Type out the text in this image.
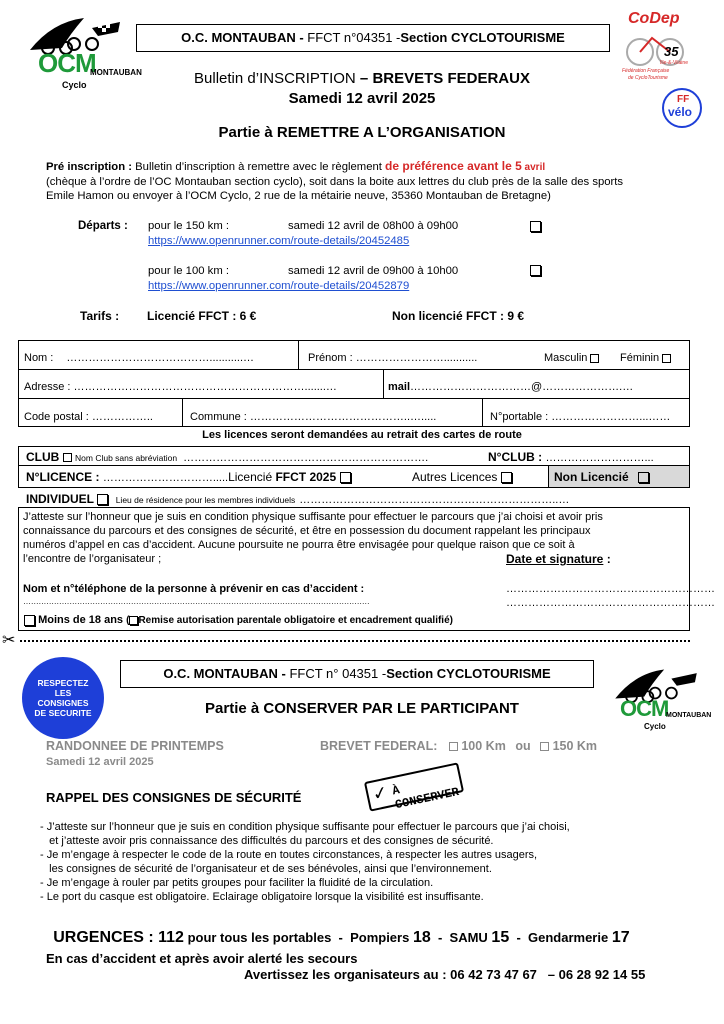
OCM
MONTAUBAN
Cyclo
CoDep
35
Ille-&-Vilaine
Fédération Française
de CycloTourisme
FF
vélo
O.C. MONTAUBAN - FFCT n°04351 -Section CYCLOTOURISME
Bulletin d’INSCRIPTION – BREVETS FEDERAUX
Samedi 12 avril 2025
Partie à REMETTRE A L’ORGANISATION
Pré inscription : Bulletin d’inscription à remettre avec le règlement de préférence avant le 5 avril
(chèque à l’ordre de l’OC Montauban section cyclo), soit dans la boite aux lettres du club près de la salle des sports
Emile Hamon ou envoyer à l’OCM Cyclo, 2 rue de la métairie neuve, 35360 Montauban de Bretagne)
Départs : pour le 150 km :	samedi 12 avril de 08h00 à 09h00
https://www.openrunner.com/route-details/20452485
pour le 100 km :	samedi 12 avril de 09h00 à 10h00
https://www.openrunner.com/route-details/20452879
Tarifs : Licencié FFCT : 6 €	Non licencié FFCT : 9 €
Nom : …………………………………...........…	Prénom : ……………………...........	Masculin	Féminin
Adresse : ……………………………………………………….......…	mail……………………………@………………….…
Code postal : ……………..	Commune : ……………………………………..….....	N°portable : ……………………...……
Les licences seront demandées au retrait des cartes de route
CLUB Nom Club sans abréviation ………………………………………………………….	N°CLUB : ………………………...
N°LICENCE : ………………………….....Licencié FFCT 2025	Autres Licences	Non Licencié
INDIVIDUEL	Lieu de résidence pour les membres individuels ……………………………………………………………..…
J’atteste sur l’honneur que je suis en condition physique suffisante pour effectuer le parcours que j’ai choisi et avoir pris
connaissance du parcours et des consignes de sécurité, et être en possession du document rappelant les principaux
numéros d’appel en cas d’accident. Aucune poursuite ne pourra être envisagée pour quelque raison que ce soit à
l’encontre de l’organisateur ;	Date et signature :
Nom et n°téléphone de la personne à prévenir en cas d’accident :	…………………………………………………
………………………………………………………………………………………………………………………	…………………………………………………
Moins de 18 ans ( Remise autorisation parentale obligatoire et encadrement qualifié)
✂
RESPECTEZ LES CONSIGNES DE SECURITE
O.C. MONTAUBAN - FFCT n° 04351 -Section CYCLOTOURISME
OCM
MONTAUBAN
Cyclo
Partie à CONSERVER PAR LE PARTICIPANT
RANDONNEE DE PRINTEMPS
Samedi 12 avril 2025
BREVET FEDERAL: 100 Km ou 150 Km
RAPPEL DES CONSIGNES DE SÉCURITÉ	✓ À CONSERVER
- J’atteste sur l’honneur que je suis en condition physique suffisante pour effectuer le parcours que j’ai choisi,
et j’atteste avoir pris connaissance des difficultés du parcours et des consignes de sécurité.
- Je m’engage à respecter le code de la route en toutes circonstances, à respecter les autres usagers,
les consignes de sécurité de l’organisateur et de ses bénévoles, ainsi que l’environnement.
- Je m’engage à rouler par petits groupes pour faciliter la fluidité de la circulation.
- Le port du casque est obligatoire. Eclairage obligatoire lorsque la visibilité est insuffisante.

URGENCES : 112 pour tous les portables  -  Pompiers 18  -  SAMU 15  -  Gendarmerie 17

En cas d’accident et après avoir alerté les secours
Avertissez les organisateurs au : 06 42 73 47 67   – 06 28 92 14 55
